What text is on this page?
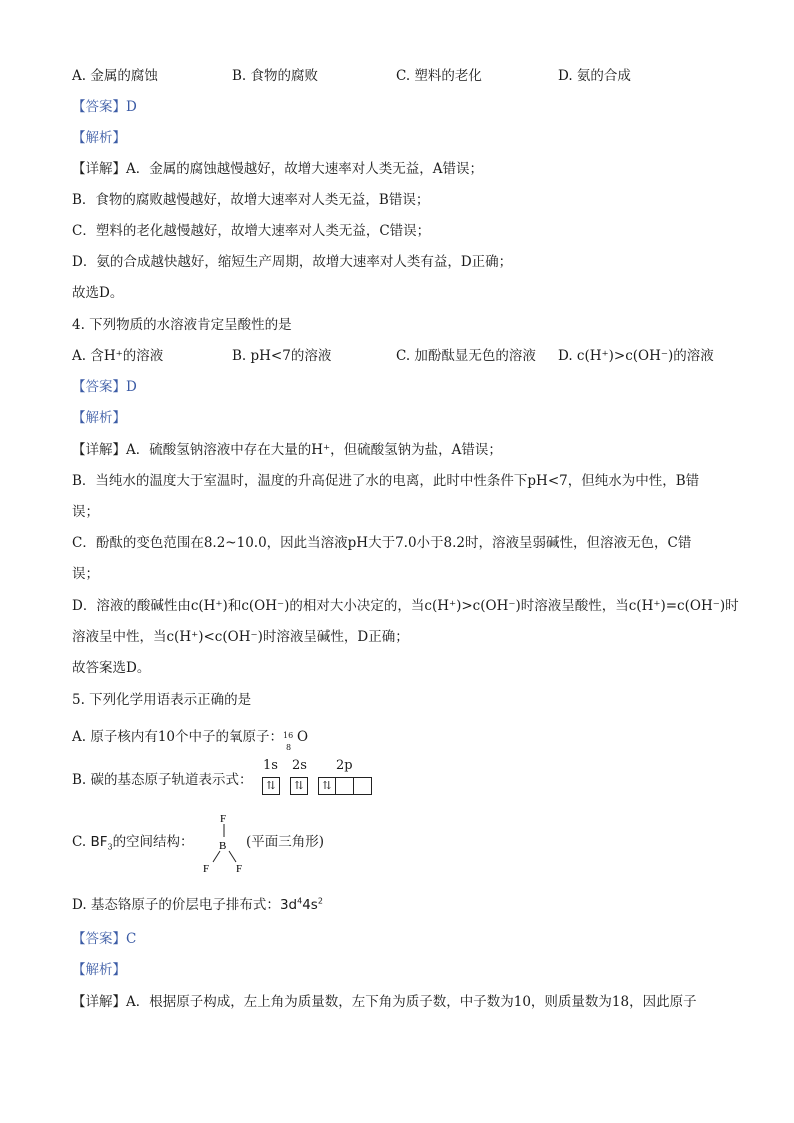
A. 金属的腐蚀	B. 食物的腐败	C. 塑料的老化	D. 氨的合成
【答案】D
【解析】
【详解】A．金属的腐蚀越慢越好，故增大速率对人类无益，A错误；
B．食物的腐败越慢越好，故增大速率对人类无益，B错误；
C．塑料的老化越慢越好，故增大速率对人类无益，C错误；
D．氨的合成越快越好，缩短生产周期，故增大速率对人类有益，D正确；
故选D。
4. 下列物质的水溶液肯定呈酸性的是
A. 含H⁺的溶液	B. pH<7的溶液	C. 加酚酞显无色的溶液 D. c(H⁺)>c(OH⁻)的溶液
【答案】D
【解析】
【详解】A．硫酸氢钠溶液中存在大量的H⁺，但硫酸氢钠为盐，A错误；
B．当纯水的温度大于室温时，温度的升高促进了水的电离，此时中性条件下pH<7，但纯水为中性，B错
误；
C．酚酞的变色范围在8.2~10.0，因此当溶液pH大于7.0小于8.2时，溶液呈弱碱性，但溶液无色，C错
误；
D．溶液的酸碱性由c(H⁺)和c(OH⁻)的相对大小决定的，当c(H⁺)>c(OH⁻)时溶液呈酸性，当c(H⁺)=c(OH⁻)时
溶液呈中性，当c(H⁺)<c(OH⁻)时溶液呈碱性，D正确；
故答案选D。
5. 下列化学用语表示正确的是
A. 原子核内有10个中子的氧原子： 16
8
O
B. 碳的基态原子轨道表示式：
1s 2s 2p
⇅	⇅	⇅
C. $BF_3$的空间结构：
F
B
F F
(平面三角形)
D. 基态铬原子的价层电子排布式：$3d^44s^2$
【答案】C
【解析】
【详解】A．根据原子构成，左上角为质量数，左下角为质子数，中子数为10，则质量数为18，因此原子
